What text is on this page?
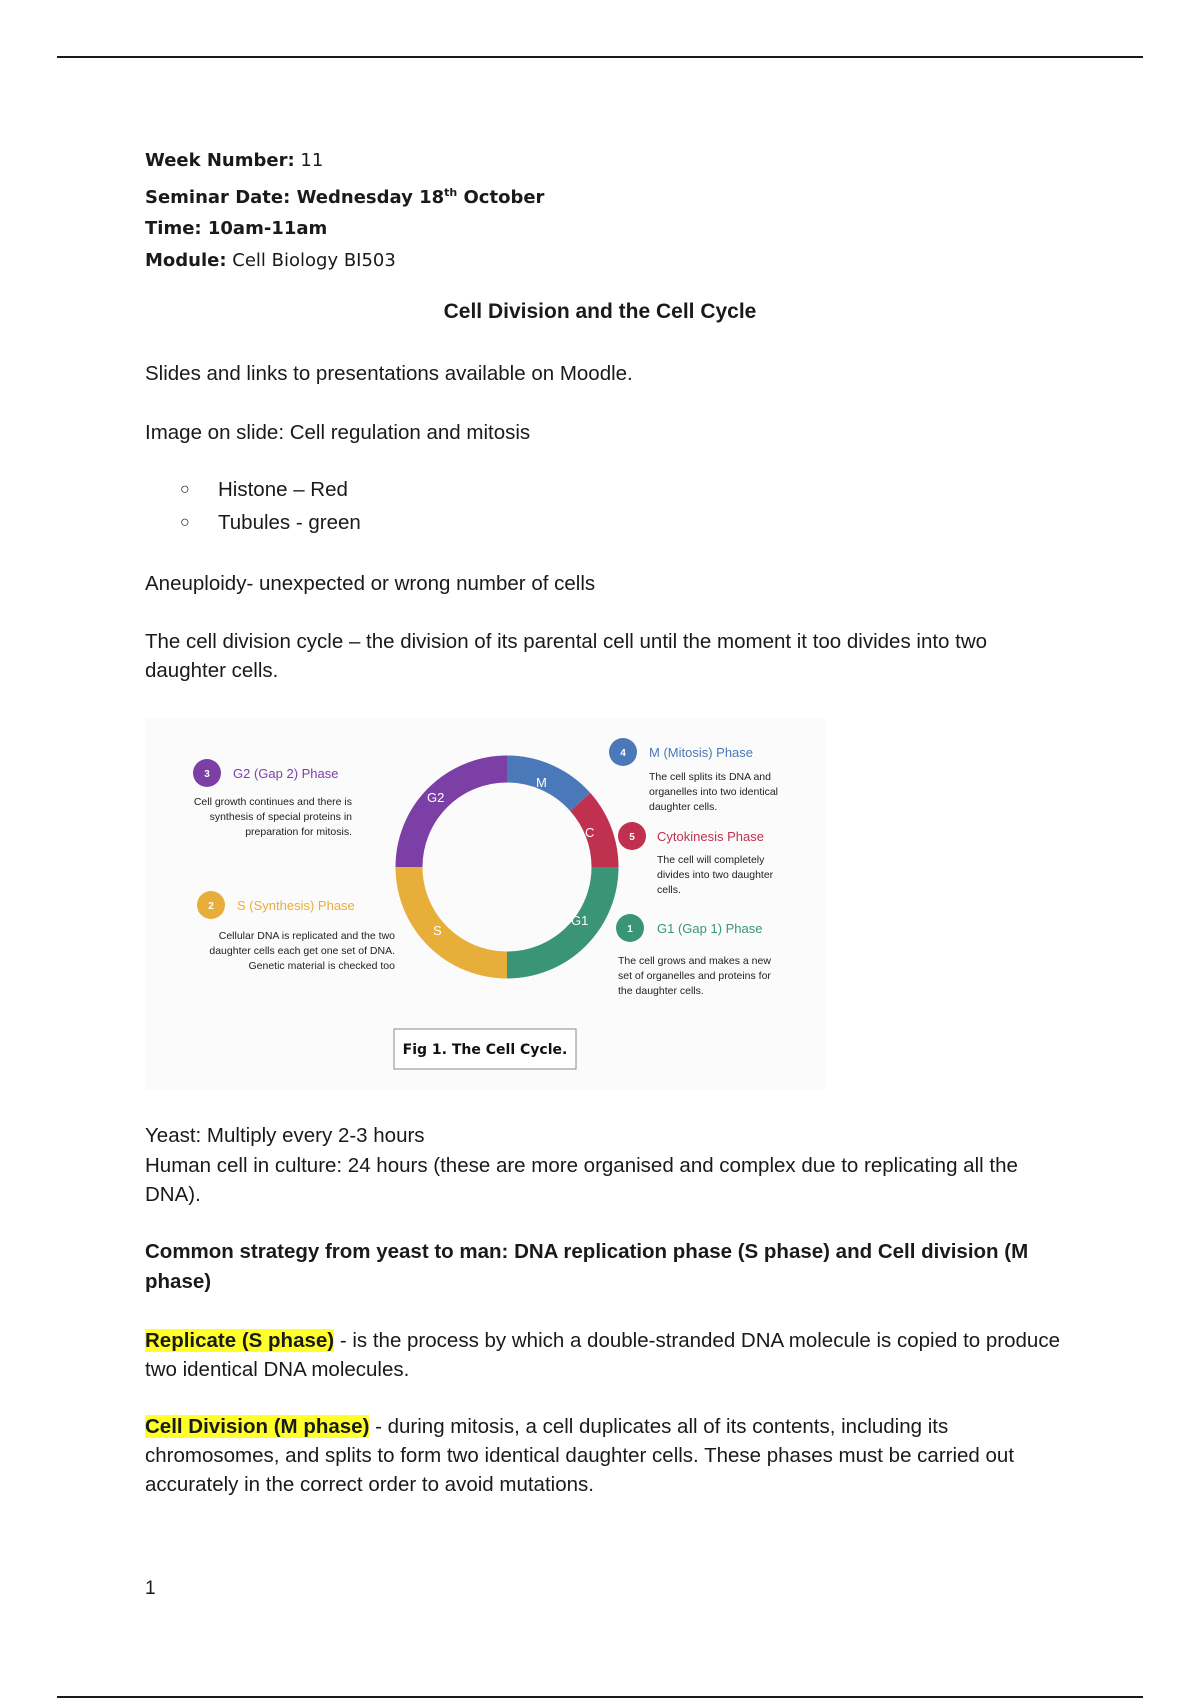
Week Number: 11
Seminar Date: Wednesday 18th October
Time: 10am-11am
Module: Cell Biology BI503
Cell Division and the Cell Cycle
Slides and links to presentations available on Moodle.
Image on slide: Cell regulation and mitosis
○ Histone – Red
○ Tubules - green
Aneuploidy- unexpected or wrong number of cells
The cell division cycle – the division of its parental cell until the moment it too divides into two daughter cells.
M
C
G1
S
G2
3 G2 (Gap 2) Phase
Cell growth continues and there is
synthesis of special proteins in
preparation for mitosis.
2 S (Synthesis) Phase
Cellular DNA is replicated and the two
daughter cells each get one set of DNA.
Genetic material is checked too
4 M (Mitosis) Phase
The cell splits its DNA and
organelles into two identical
daughter cells.
5 Cytokinesis Phase
The cell will completely
divides into two daughter
cells.
1 G1 (Gap 1) Phase
The cell grows and makes a new
set of organelles and proteins for
the daughter cells.
Fig 1. The Cell Cycle.
Yeast: Multiply every 2-3 hours
Human cell in culture: 24 hours (these are more organised and complex due to replicating all the DNA).
Common strategy from yeast to man: DNA replication phase (S phase) and Cell division (M phase)
Replicate (S phase) - is the process by which a double-stranded DNA molecule is copied to produce two identical DNA molecules.
Cell Division (M phase) - during mitosis, a cell duplicates all of its contents, including its chromosomes, and splits to form two identical daughter cells. These phases must be carried out accurately in the correct order to avoid mutations.
1
